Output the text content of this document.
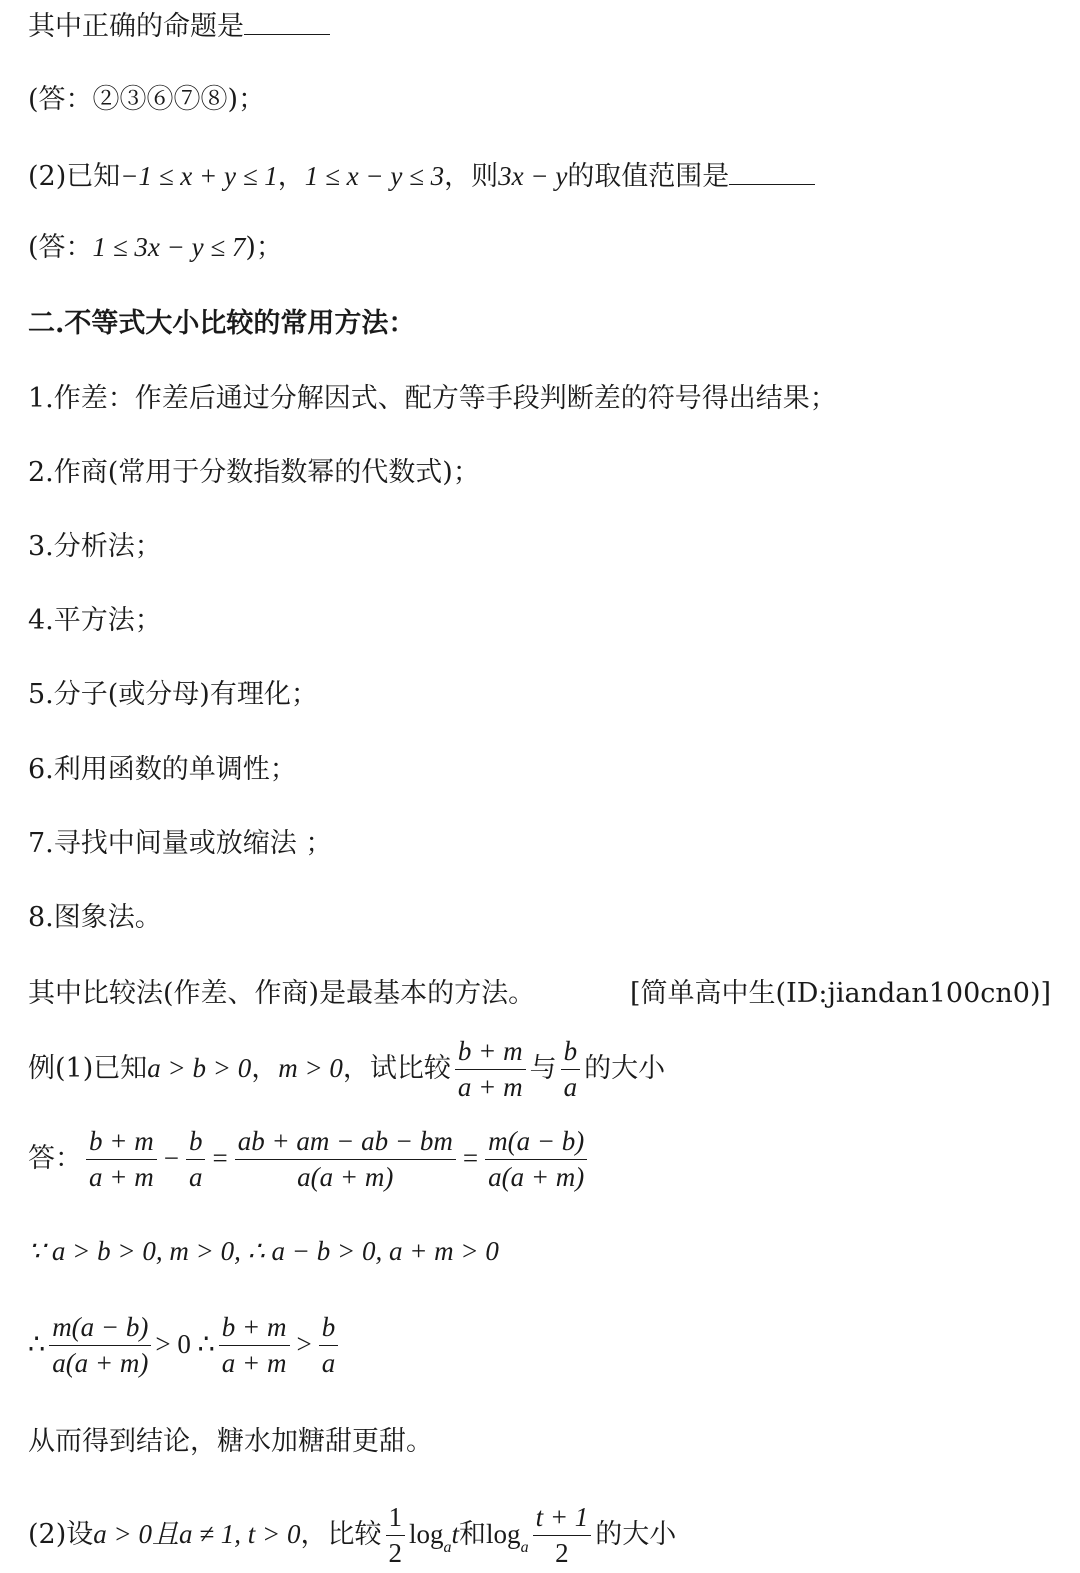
其中正确的命题是
(答：②③⑥⑦⑧)；
(2)已知−1 ≤ x + y ≤ 1，1 ≤ x − y ≤ 3，则3x − y的取值范围是
(答：1 ≤ 3x − y ≤ 7)；
二.不等式大小比较的常用方法：
1.作差：作差后通过分解因式、配方等手段判断差的符号得出结果；
2.作商(常用于分数指数幂的代数式)；
3.分析法；
4.平方法；
5.分子(或分母)有理化；
6.利用函数的单调性；
7.寻找中间量或放缩法 ；
8.图象法。
其中比较法(作差、作商)是最基本的方法。	[简单高中生(ID:jiandan100cn0)]
例(1)已知a > b > 0，m > 0，试比较 $\frac{b + m}{a + m}$ 与 $\frac{b}{a}$ 的大小
答： $\frac{b + m}{a + m} - \frac{b}{a} = \frac{ab + am - ab - bm}{a(a + m)} = \frac{m(a - b)}{a(a + m)}$
∵ a > b > 0, m > 0, ∴ a − b > 0, a + m > 0
∴ $\frac{m(a - b)}{a(a + m)} > 0$ ∴ $\frac{b + m}{a + m} > \frac{b}{a}$
从而得到结论，糖水加糖甜更甜。
(2)设a > 0且a ≠ 1, t > 0，比较 $\frac{1}{2} \log_at$和$\log_a \frac{t + 1}{2}$ 的大小
